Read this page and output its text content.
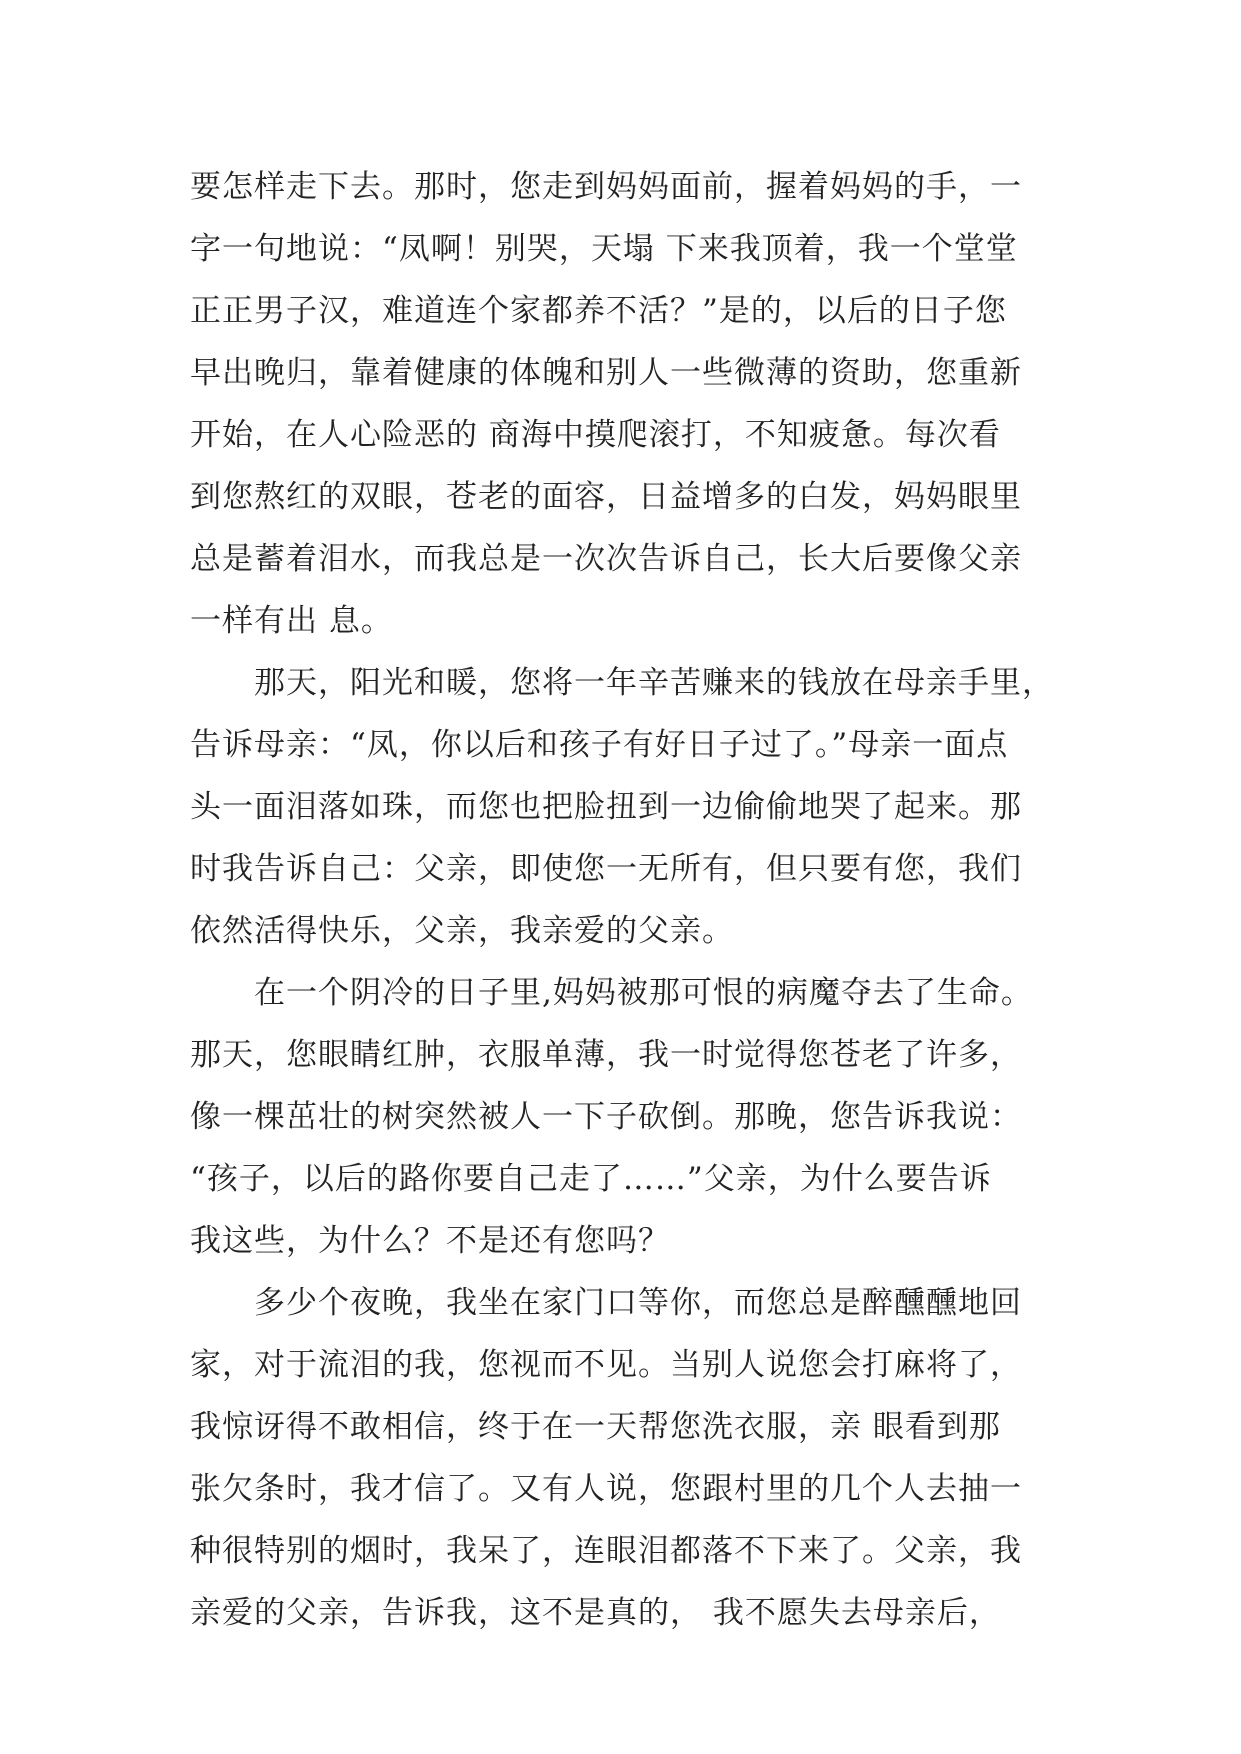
要怎样走下去。那时，您走到妈妈面前，握着妈妈的手，一
字一句地说：“凤啊！别哭，天塌 下来我顶着，我一个堂堂
正正男子汉，难道连个家都养不活？”是的，以后的日子您
早出晚归，靠着健康的体魄和别人一些微薄的资助，您重新
开始，在人心险恶的 商海中摸爬滚打，不知疲惫。每次看
到您熬红的双眼，苍老的面容，日益增多的白发，妈妈眼里
总是蓄着泪水，而我总是一次次告诉自己，长大后要像父亲
一样有出 息。
　　那天，阳光和暖，您将一年辛苦赚来的钱放在母亲手里，
告诉母亲：“凤，你以后和孩子有好日子过了。”母亲一面点
头一面泪落如珠，而您也把脸扭到一边偷偷地哭了起来。那
时我告诉自己：父亲，即使您一无所有，但只要有您，我们
依然活得快乐，父亲，我亲爱的父亲。
　　在一个阴冷的日子里,妈妈被那可恨的病魔夺去了生命。
那天，您眼睛红肿，衣服单薄，我一时觉得您苍老了许多，
像一棵茁壮的树突然被人一下子砍倒。那晚，您告诉我说：
“孩子，以后的路你要自己走了……”父亲，为什么要告诉
我这些，为什么？不是还有您吗？
　　多少个夜晚，我坐在家门口等你，而您总是醉醺醺地回
家，对于流泪的我，您视而不见。当别人说您会打麻将了，
我惊讶得不敢相信，终于在一天帮您洗衣服，亲 眼看到那
张欠条时，我才信了。又有人说，您跟村里的几个人去抽一
种很特别的烟时，我呆了，连眼泪都落不下来了。父亲，我
亲爱的父亲，告诉我，这不是真的， 我不愿失去母亲后，
